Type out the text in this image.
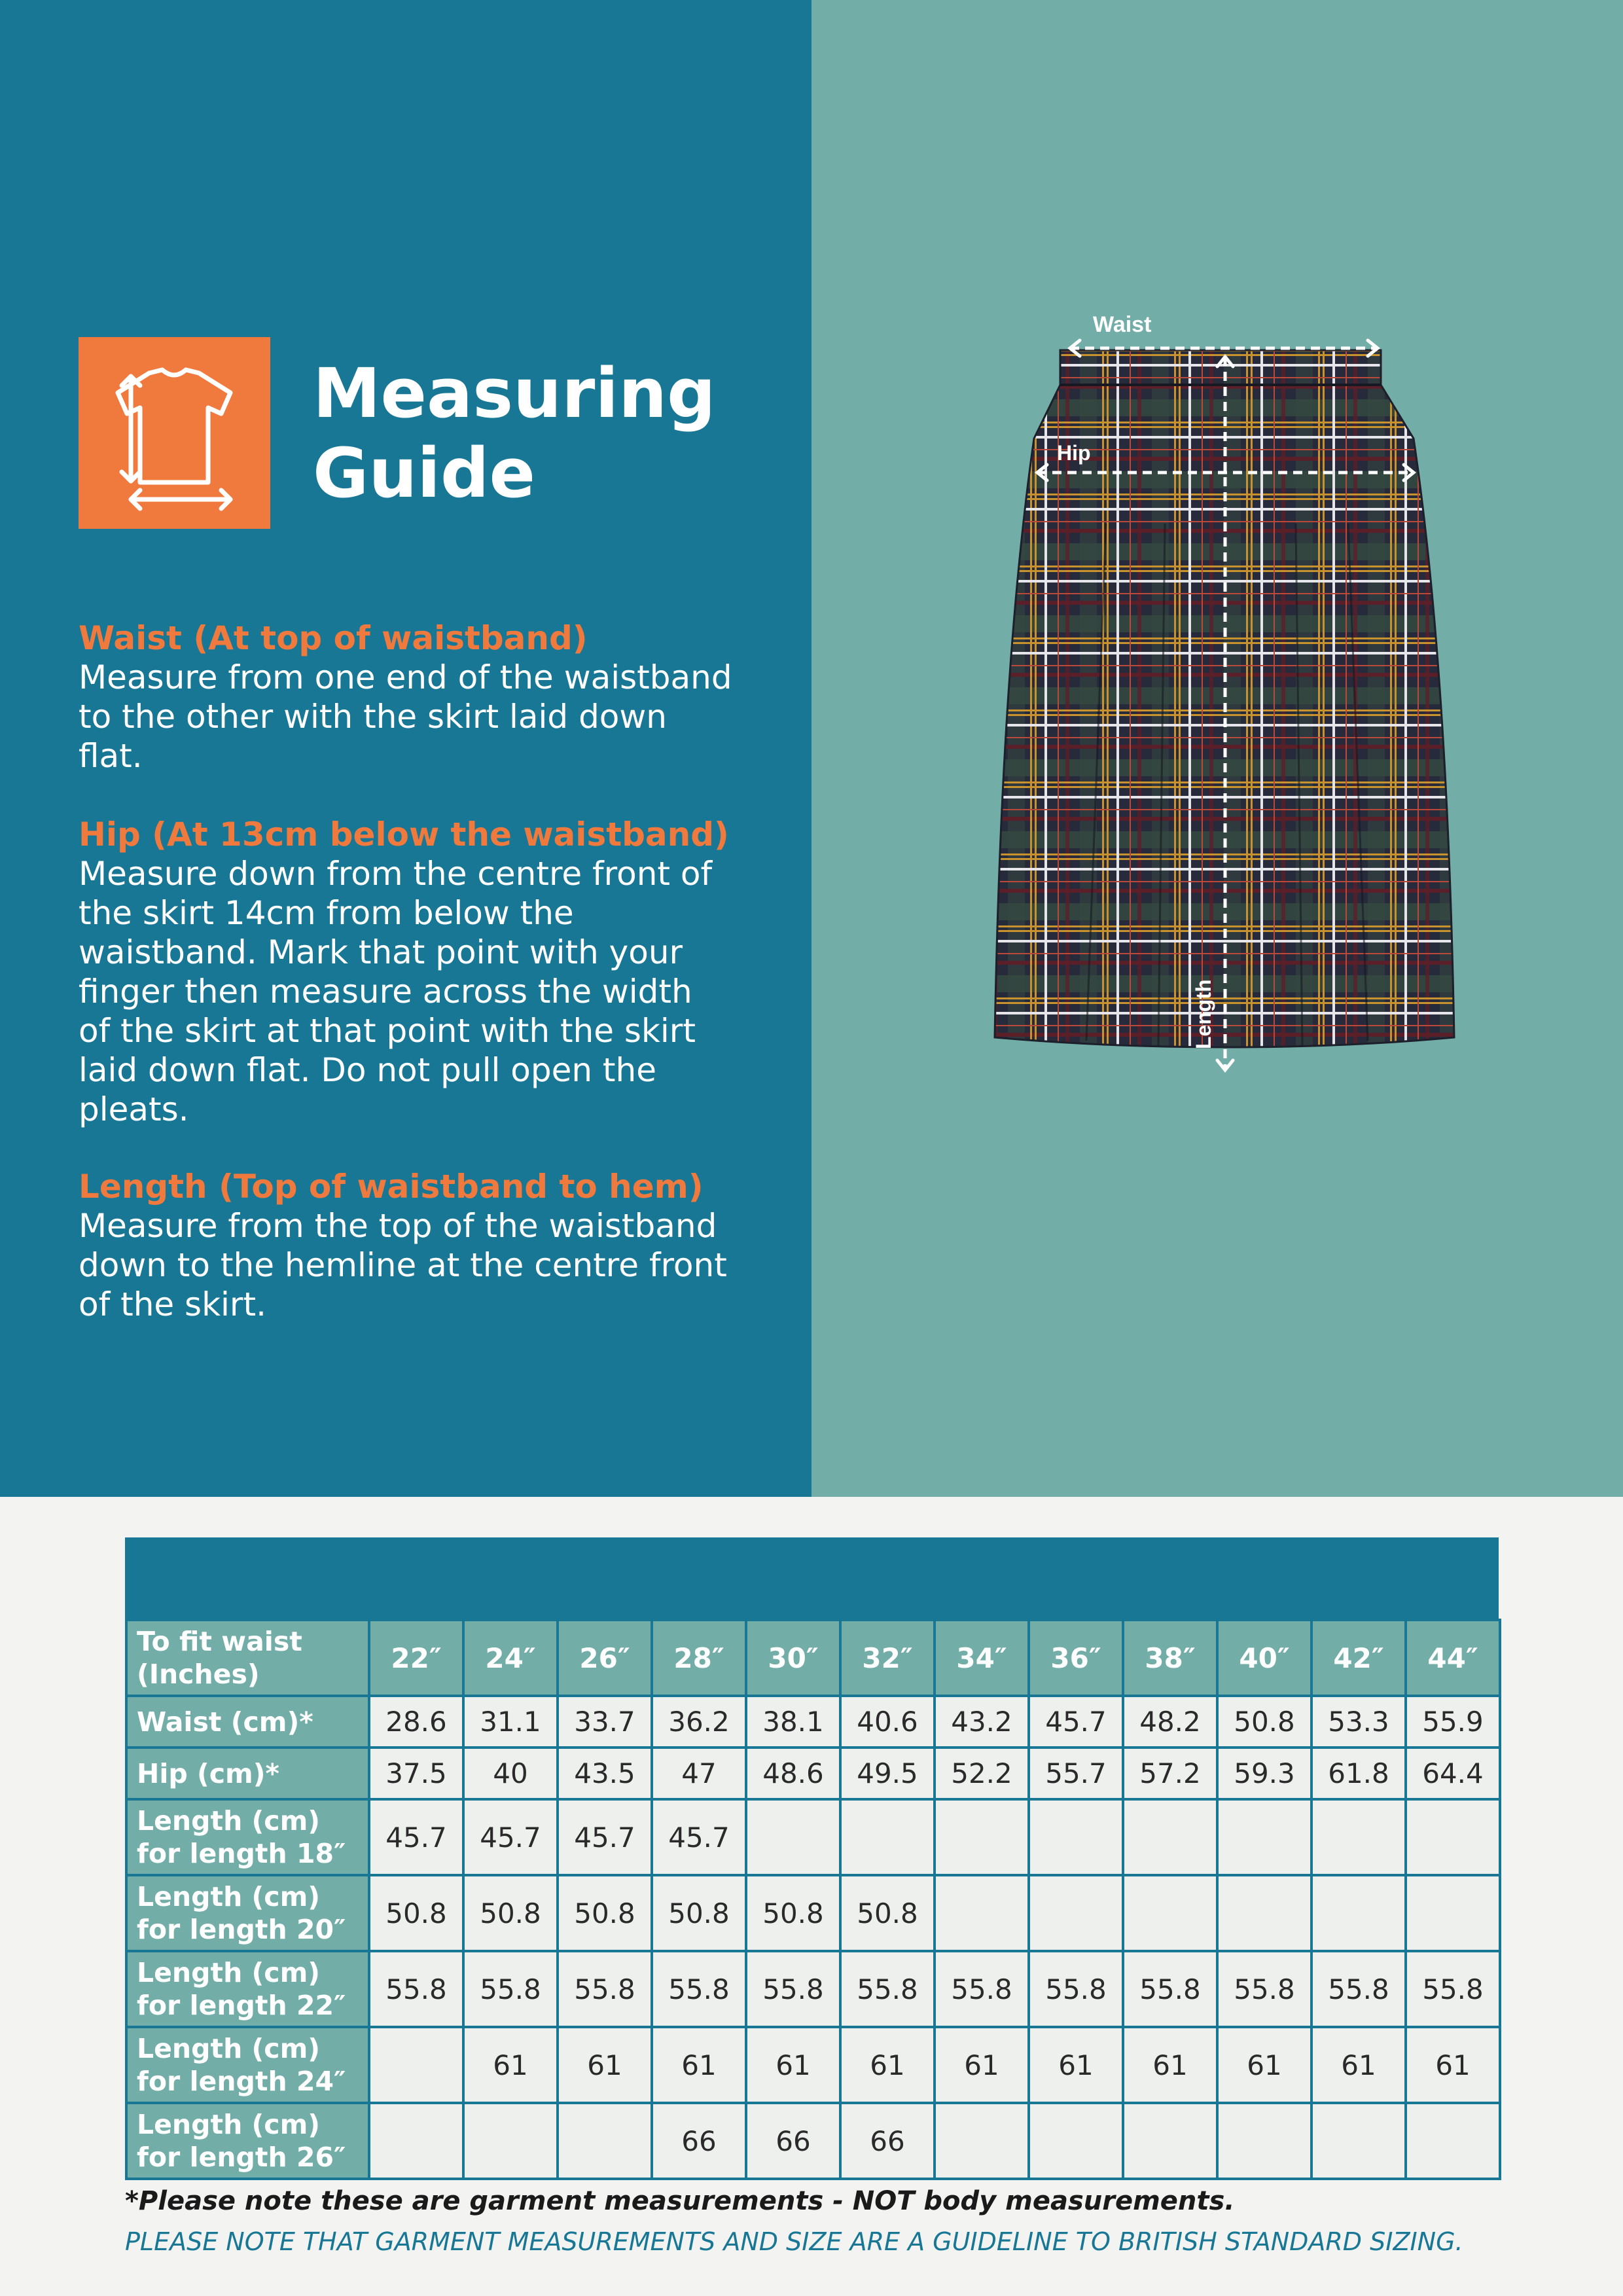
Measuring
Guide
Waist (At top of waistband)
Measure from one end of the waistband to the other with the skirt laid down flat.
Hip (At 13cm below the waistband)
Measure down from the centre front of the skirt 14cm from below the waistband. Mark that point with your finger then measure across the width of the skirt at that point with the skirt laid down flat. Do not pull open the pleats.
Length (Top of waistband to hem)
Measure from the top of the waistband down to the hemline at the centre front of the skirt.
Waist
Hip
Length
To fit waist (Inches)	22″	24″	26″	28″	30″	32″	34″	36″	38″	40″	42″	44″
Waist (cm)*	28.6	31.1	33.7	36.2	38.1	40.6	43.2	45.7	48.2	50.8	53.3	55.9
Hip (cm)*	37.5	40	43.5	47	48.6	49.5	52.2	55.7	57.2	59.3	61.8	64.4
Length (cm) for length 18″	45.7	45.7	45.7	45.7								
Length (cm) for length 20″	50.8	50.8	50.8	50.8	50.8	50.8						
Length (cm) for length 22″	55.8	55.8	55.8	55.8	55.8	55.8	55.8	55.8	55.8	55.8	55.8	55.8
Length (cm) for length 24″		61	61	61	61	61	61	61	61	61	61	61
Length (cm) for length 26″				66	66	66						
*Please note these are garment measurements - NOT body measurements.
PLEASE NOTE THAT GARMENT MEASUREMENTS AND SIZE ARE A GUIDELINE TO BRITISH STANDARD SIZING.
